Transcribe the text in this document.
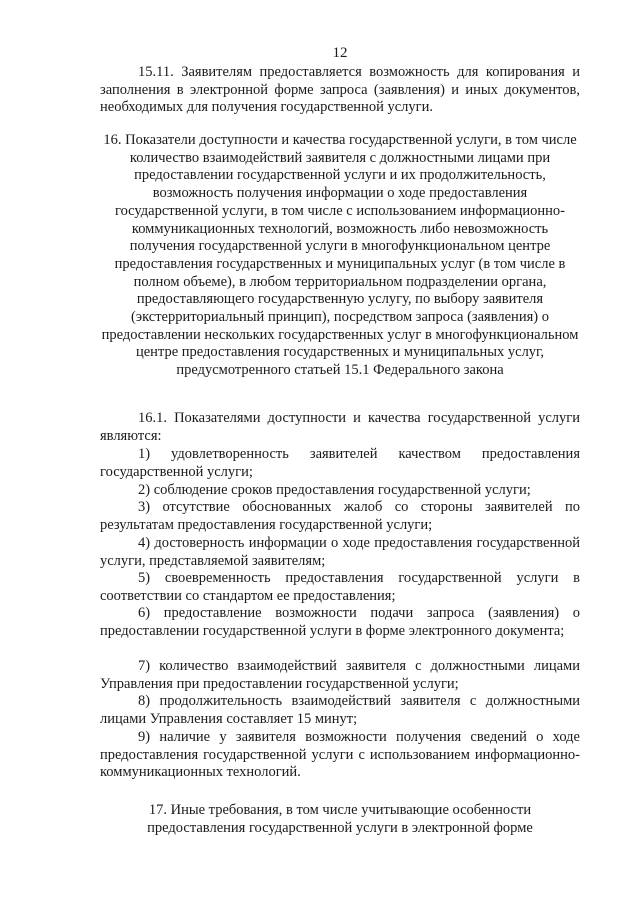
12

15.11. Заявителям предоставляется возможность для копирования и заполнения в электронной форме запроса (заявления) и иных документов, необходимых для получения государственной услуги.

16. Показатели доступности и качества государственной услуги, в том числе количество взаимодействий заявителя с должностными лицами при предоставлении государственной услуги и их продолжительность, возможность получения информации о ходе предоставления государственной услуги, в том числе с использованием информационно-коммуникационных технологий, возможность либо невозможность получения государственной услуги в многофункциональном центре предоставления государственных и муниципальных услуг (в том числе в полном объеме), в любом территориальном подразделении органа, предоставляющего государственную услугу, по выбору заявителя (экстерриториальный принцип), посредством запроса (заявления) о предоставлении нескольких государственных услуг в многофункциональном центре предоставления государственных и муниципальных услуг, предусмотренного статьей 15.1 Федерального закона

16.1. Показателями доступности и качества государственной услуги являются:

1) удовлетворенность заявителей качеством предоставления государственной услуги;

2) соблюдение сроков предоставления государственной услуги;

3) отсутствие обоснованных жалоб со стороны заявителей по результатам предоставления государственной услуги;

4) достоверность информации о ходе предоставления государственной услуги, представляемой заявителям;

5) своевременность предоставления государственной услуги в соответствии со стандартом ее предоставления;

6) предоставление возможности подачи запроса (заявления) о предоставлении государственной услуги в форме электронного документа;

7) количество взаимодействий заявителя с должностными лицами Управления при предоставлении государственной услуги;

8) продолжительность взаимодействий заявителя с должностными лицами Управления составляет 15 минут;

9) наличие у заявителя возможности получения сведений о ходе предоставления государственной услуги с использованием информационно-коммуникационных технологий.

17. Иные требования, в том числе учитывающие особенности предоставления государственной услуги в электронной форме
